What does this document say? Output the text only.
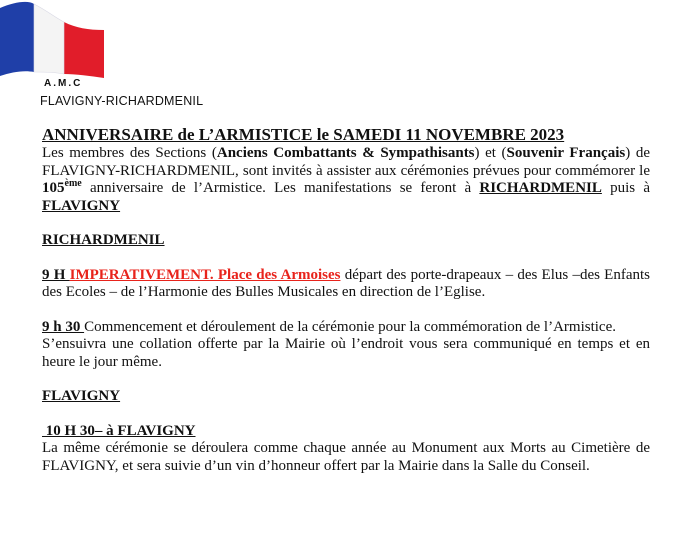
A.M.C
FLAVIGNY-RICHARDMENIL
ANNIVERSAIRE de L’ARMISTICE le SAMEDI 11 NOVEMBRE 2023
Les membres des Sections (Anciens Combattants & Sympathisants) et (Souvenir Français) de FLAVIGNY-RICHARDMENIL, sont invités à assister aux cérémonies prévues pour commémorer le 105ème anniversaire de l’Armistice. Les manifestations se feront à RICHARDMENIL puis à FLAVIGNY
RICHARDMENIL
9 H IMPERATIVEMENT. Place des Armoises départ des porte-drapeaux – des Elus –des Enfants des Ecoles – de l’Harmonie des Bulles Musicales en direction de l’Eglise.
9 h 30 Commencement et déroulement de la cérémonie pour la commémoration de l’Armistice.
S’ensuivra une collation offerte par la Mairie où l’endroit vous sera communiqué en temps et en heure le jour même.
FLAVIGNY
10 H 30– à FLAVIGNY
La même cérémonie se déroulera comme chaque année au Monument aux Morts au Cimetière de FLAVIGNY, et sera suivie d’un vin d’honneur offert par la Mairie dans la Salle du Conseil.
